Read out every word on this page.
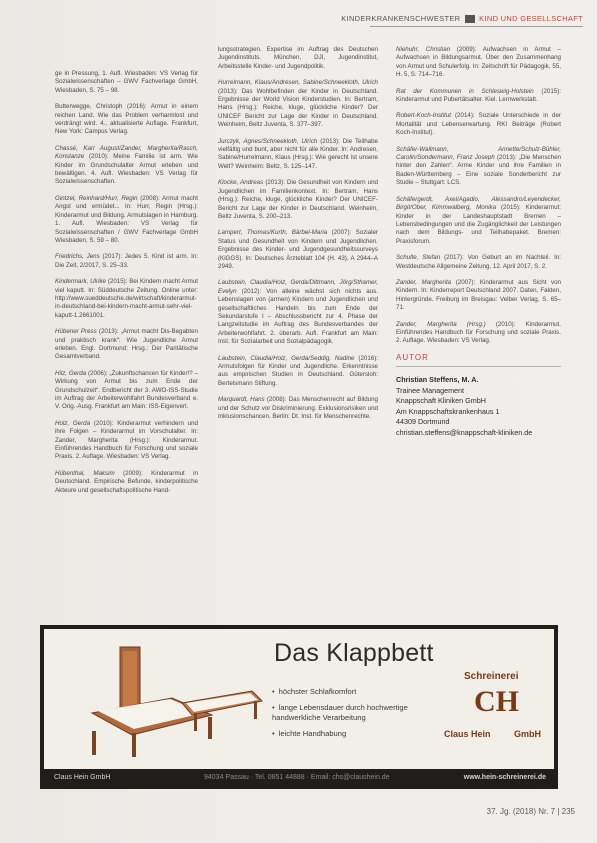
KINDERKRANKENSCHWESTER	KIND UND GESELLSCHAFT

ge in Pressung, 1. Aufl. Wiesbaden: VS Verlag für Sozialwissenschaften – GWV Fachverlage GmbH, Wiesbaden, S. 75 – 98.

Butterwegge, Christoph (2016): Armut in einem reichen Land. Wie das Problem verharmlost und verdrängt wird. 4., aktualisierte Auflage. Frankfurt, New York: Campus Verlag.

Chassé, Karl August/Zander, Margherita/Rasch, Konstanze (2010): Meine Familie ist arm. Wie Kinder im Grundschulalter Armut erleben und bewältigen. 4. Aufl. Wiesbaden: VS Verlag für Sozialwissenschaften.

Gintzel, Reinhard/Hurr, Regin (2008): Armut macht Angst und ermüdet... In: Hurr, Regin (Hrsg.): Kinderarmut und Bildung. Armutslagen in Hamburg. 1. Aufl. Wiesbaden: VS Verlag für Sozialwissenschaften / GWV Fachverlage GmbH Wiesbaden, S. 59 – 80.

Friedrichs, Jens (2017): Jedes 5. Kind ist arm. In: Die Zeit, 2/2017, S. 25–33.

Kindermark, Ulrike (2015): Bei Kindern macht Armut viel kaputt. In: Süddeutsche Zeitung. Online unter: http://www.sueddeutsche.de/wirtschaft/kinderarmut-in-deutschland-bei-kindern-macht-armut-sehr-viel-kaputt-1.2661001.

Hübener Press (2013): „Armut macht Dis-Begabten und praktisch krank“: Wie Jugendliche Armut erleben. Engl. Dortmund: Hrsg.: Der Paritätische Gesamtverband.

Hilz, Gerda (2006): „Zukunftschancen für Kinder!? – Wirkung von Armut bis zum Ende der Grundschulzeit“. Endbericht der 3. AWO-ISS-Studie im Auftrag der Arbeiterwohlfahrt Bundesverband e. V. Orig.-Ausg. Frankfurt am Main: ISS-Eigenverl.

Holz, Gerda (2010): Kinderarmut verhindern und ihre Folgen – Kinderarmut im Vorschulalter. In: Zander, Margherita (Hrsg.): Kinderarmut. Einführendes Handbuch für Forschung und soziale Praxis. 2. Auflage. Wiesbaden: VS Verlag.

Hübenthal, Maksim (2009): Kinderarmut in Deutschland. Empirische Befunde, kinderpolitische Akteure und gesellschaftspolitische Hand-

lungsstrategien. Expertise im Auftrag des Deutschen Jugendinstituts. München, DJI, Jugendinstitut, Arbeitsstelle Kinder- und Jugendpolitik.

Hurrelmann, Klaus/Andresen, Sabine/Schneekloth, Ulrich (2013): Das Wohlbefinden der Kinder in Deutschland. Ergebnisse der World Vision Kinderstudien. In: Bertram, Hans (Hrsg.): Reiche, kluge, glückliche Kinder? Der UNICEF Bericht zur Lage der Kinder in Deutschland. Weinheim, Beltz Juventa, S. 377–397.

Jurczyk, Agnes/Schneekloth, Ulrich (2013): Die Teilhabe vielfältig und bunt, aber nicht für alle Kinder. In: Andresen, Sabine/Hurrelmann, Klaus (Hrsg.): Wie gerecht ist unsere Welt? Weinheim: Beltz, S. 125–147.

Klocke, Andreas (2013): Die Gesundheit von Kindern und Jugendlichen im Familienkontext. In: Bertram, Hans (Hrsg.): Reiche, kluge, glückliche Kinder? Der UNICEF-Bericht zur Lage der Kinder in Deutschland. Weinheim, Beltz Juventa, S. 200–213.

Lampert, Thomas/Kurth, Bärbel-Maria (2007): Sozialer Status und Gesundheit von Kindern und Jugendlichen. Ergebnisse des Kinder- und Jugendgesundheitssurveys (KiGGS). In: Deutsches Ärzteblatt 104 (H. 43), A 2944–A 2949.

Laubstein, Claudia/Holz, Gerda/Dittmann, Jörg/Sthamer, Evelyn (2012): Von alleine wächst sich nichts aus. Lebenslagen von (armen) Kindern und Jugendlichen und gesellschaftliches Handeln bis zum Ende der Sekundarstufe I – Abschlussbericht zur 4. Phase der Langzeitstudie im Auftrag des Bundesverbandes der Arbeiterwohlfahrt. 2. überarb. Aufl. Frankfurt am Main: Inst. für Sozialarbeit und Sozialpädagogik.

Laubstein, Claudia/Holz, Gerda/Seddig, Nadine (2016): Armutsfolgen für Kinder und Jugendliche. Erkenntnisse aus empirischen Studien in Deutschland. Gütersloh: Bertelsmann Stiftung.

Marquardt, Hans (2008): Das Menschenrecht auf Bildung und der Schutz vor Diskriminierung. Exklusionsrisiken und Inklusionschancen. Berlin: Dt. Inst. für Menschenrechte.

Niehuhr, Christian (2009): Aufwachsen in Armut – Aufwachsen in Bildungsarmut. Über den Zusammenhang von Armut und Schulerfolg. In: Zeitschrift für Pädagogik, 55, H. 5, S. 714–716.

Rat der Kommunen in Schleswig-Holstein (2015): Kinderarmut und Pubertätsalter. Kiel. Lernwerkstatt.

Robert-Koch-Institut (2014): Soziale Unterschiede in der Mortalität und Lebenserwartung. RKI Beiträge (Robert Koch-Institut).

Schäfer-Wallmann, Annette/Schulz-Bühler, Carolin/Sondermann, Franz Joseph (2013): „Die Menschen hinter den Zahlen“. Arme Kinder und ihre Familien in Baden-Württemberg – Eine soziale Sonderbericht zur Studie – Stuttgart: LCS.

Schäfergerdt, Axel/Agadio, Alessandro/Leyendecker, Birgit/Ober, Kimmwalberg, Monika (2015): Kinderarmut: Kinder in der Landeshauptstadt Bremen – Lebensbedingungen und die Zugänglichkeit der Leistungen nach dem Bildungs- und Teilhabepaket. Bremen: Praxisforum.

Schulte, Stefan (2017): Von Geburt an im Nachteil. In: Westdeutsche Allgemeine Zeitung, 12. April 2017, S. 2.

Zander, Margherita (2007): Kinderarmut aus Sicht von Kindern. In: Kinderreport Deutschland 2007. Daten, Fakten, Hintergründe. Freiburg im Breisgau: Velber Verlag, S. 65–71.

Zander, Margherita (Hrsg.) (2010): Kinderarmut. Einführendes Handbuch für Forschung und soziale Praxis. 2. Auflage. Wiesbaden: VS Verlag.

AUTOR
Christian Steffens, M. A.
Trainee Management
Knappschaft Kliniken GmbH
Am Knappschaftskrankenhaus 1
44309 Dortmund
christian.steffens@knappschaft-kliniken.de
Das Klappbett
• höchster Schlafkomfort
• lange Lebensdauer durch hochwertige handwerkliche Verarbeitung
• leichte Handhabung
Schreinerei
CH
Claus Hein	GmbH
Claus Hein GmbH	94034 Passau · Tel. 0851 44888 · Email: chs@claushein.de	www.hein-schreinerei.de
37. Jg. (2018) Nr. 7 | 235
